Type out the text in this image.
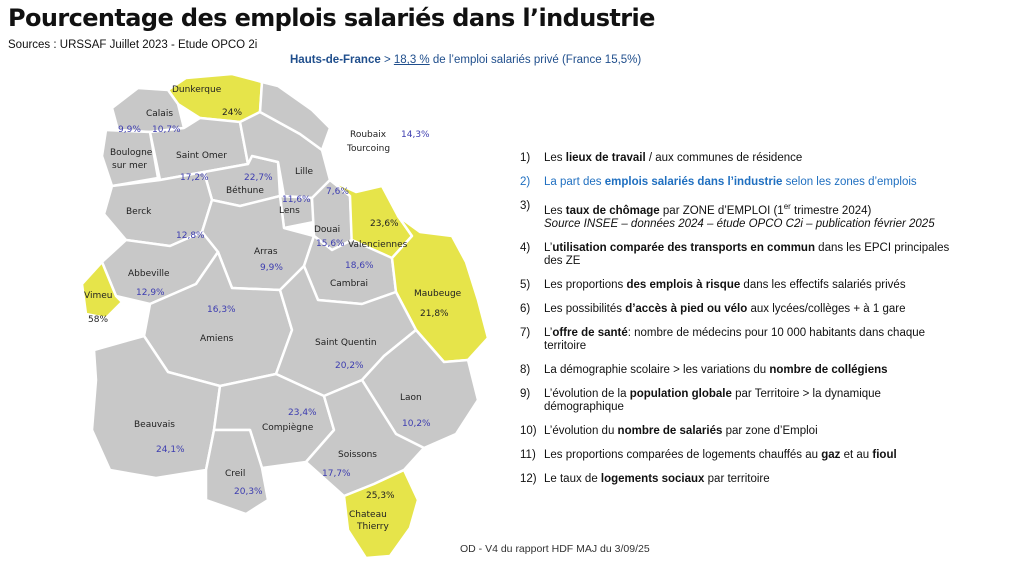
Pourcentage des emplois salariés dans l’industrie
Sources : URSSAF Juillet 2023 - Etude OPCO 2i
Hauts-de-France > 18,3 % de l’emploi salariés privé (France 15,5%)
Dunkerque
24%
Calais
10,7%
Boulogne
sur mer
9,9%
Saint Omer
17,2%
Béthune
22,7%
Lille
7,6%
Roubaix
Tourcoing
14,3%
Lens
11,6%
Douai
15,6% Valenciennes
23,6%
Berck
12,8%
Arras
9,9%
Cambrai
18,6%
Maubeuge
21,8%
Abbeville
12,9%
Vimeu
58%
Amiens
16,3%
Saint Quentin
20,2%
Laon
10,2%
Beauvais
24,1%
Compiègne
23,4%
Creil
20,3%
Soissons
17,7%
Chateau
Thierry
25,3%
1)	Les lieux de travail / aux communes de résidence
2)	La part des emplois salariés dans l’industrie selon les zones d’emplois
3)	Les taux de chômage par ZONE d’EMPLOI (1er trimestre 2024)
Source INSEE – données 2024 – étude OPCO C2i – publication février 2025
4)	L’utilisation comparée des transports en commun dans les EPCI principales des ZE
5)	Les proportions des emplois à risque dans les effectifs salariés privés
6)	Les possibilités d’accès à pied ou vélo aux lycées/collèges + à 1 gare
7)	L’offre de santé: nombre de médecins pour 10 000 habitants dans chaque territoire
8)	La démographie scolaire > les variations du nombre de collégiens
9)	L’évolution de la population globale par Territoire > la dynamique démographique
10) L’évolution du nombre de salariés par zone d’Emploi
11) Les proportions comparées de logements chauffés au gaz et au fioul
12) Le taux de logements sociaux par territoire
OD - V4 du rapport HDF MAJ du 3/09/25
